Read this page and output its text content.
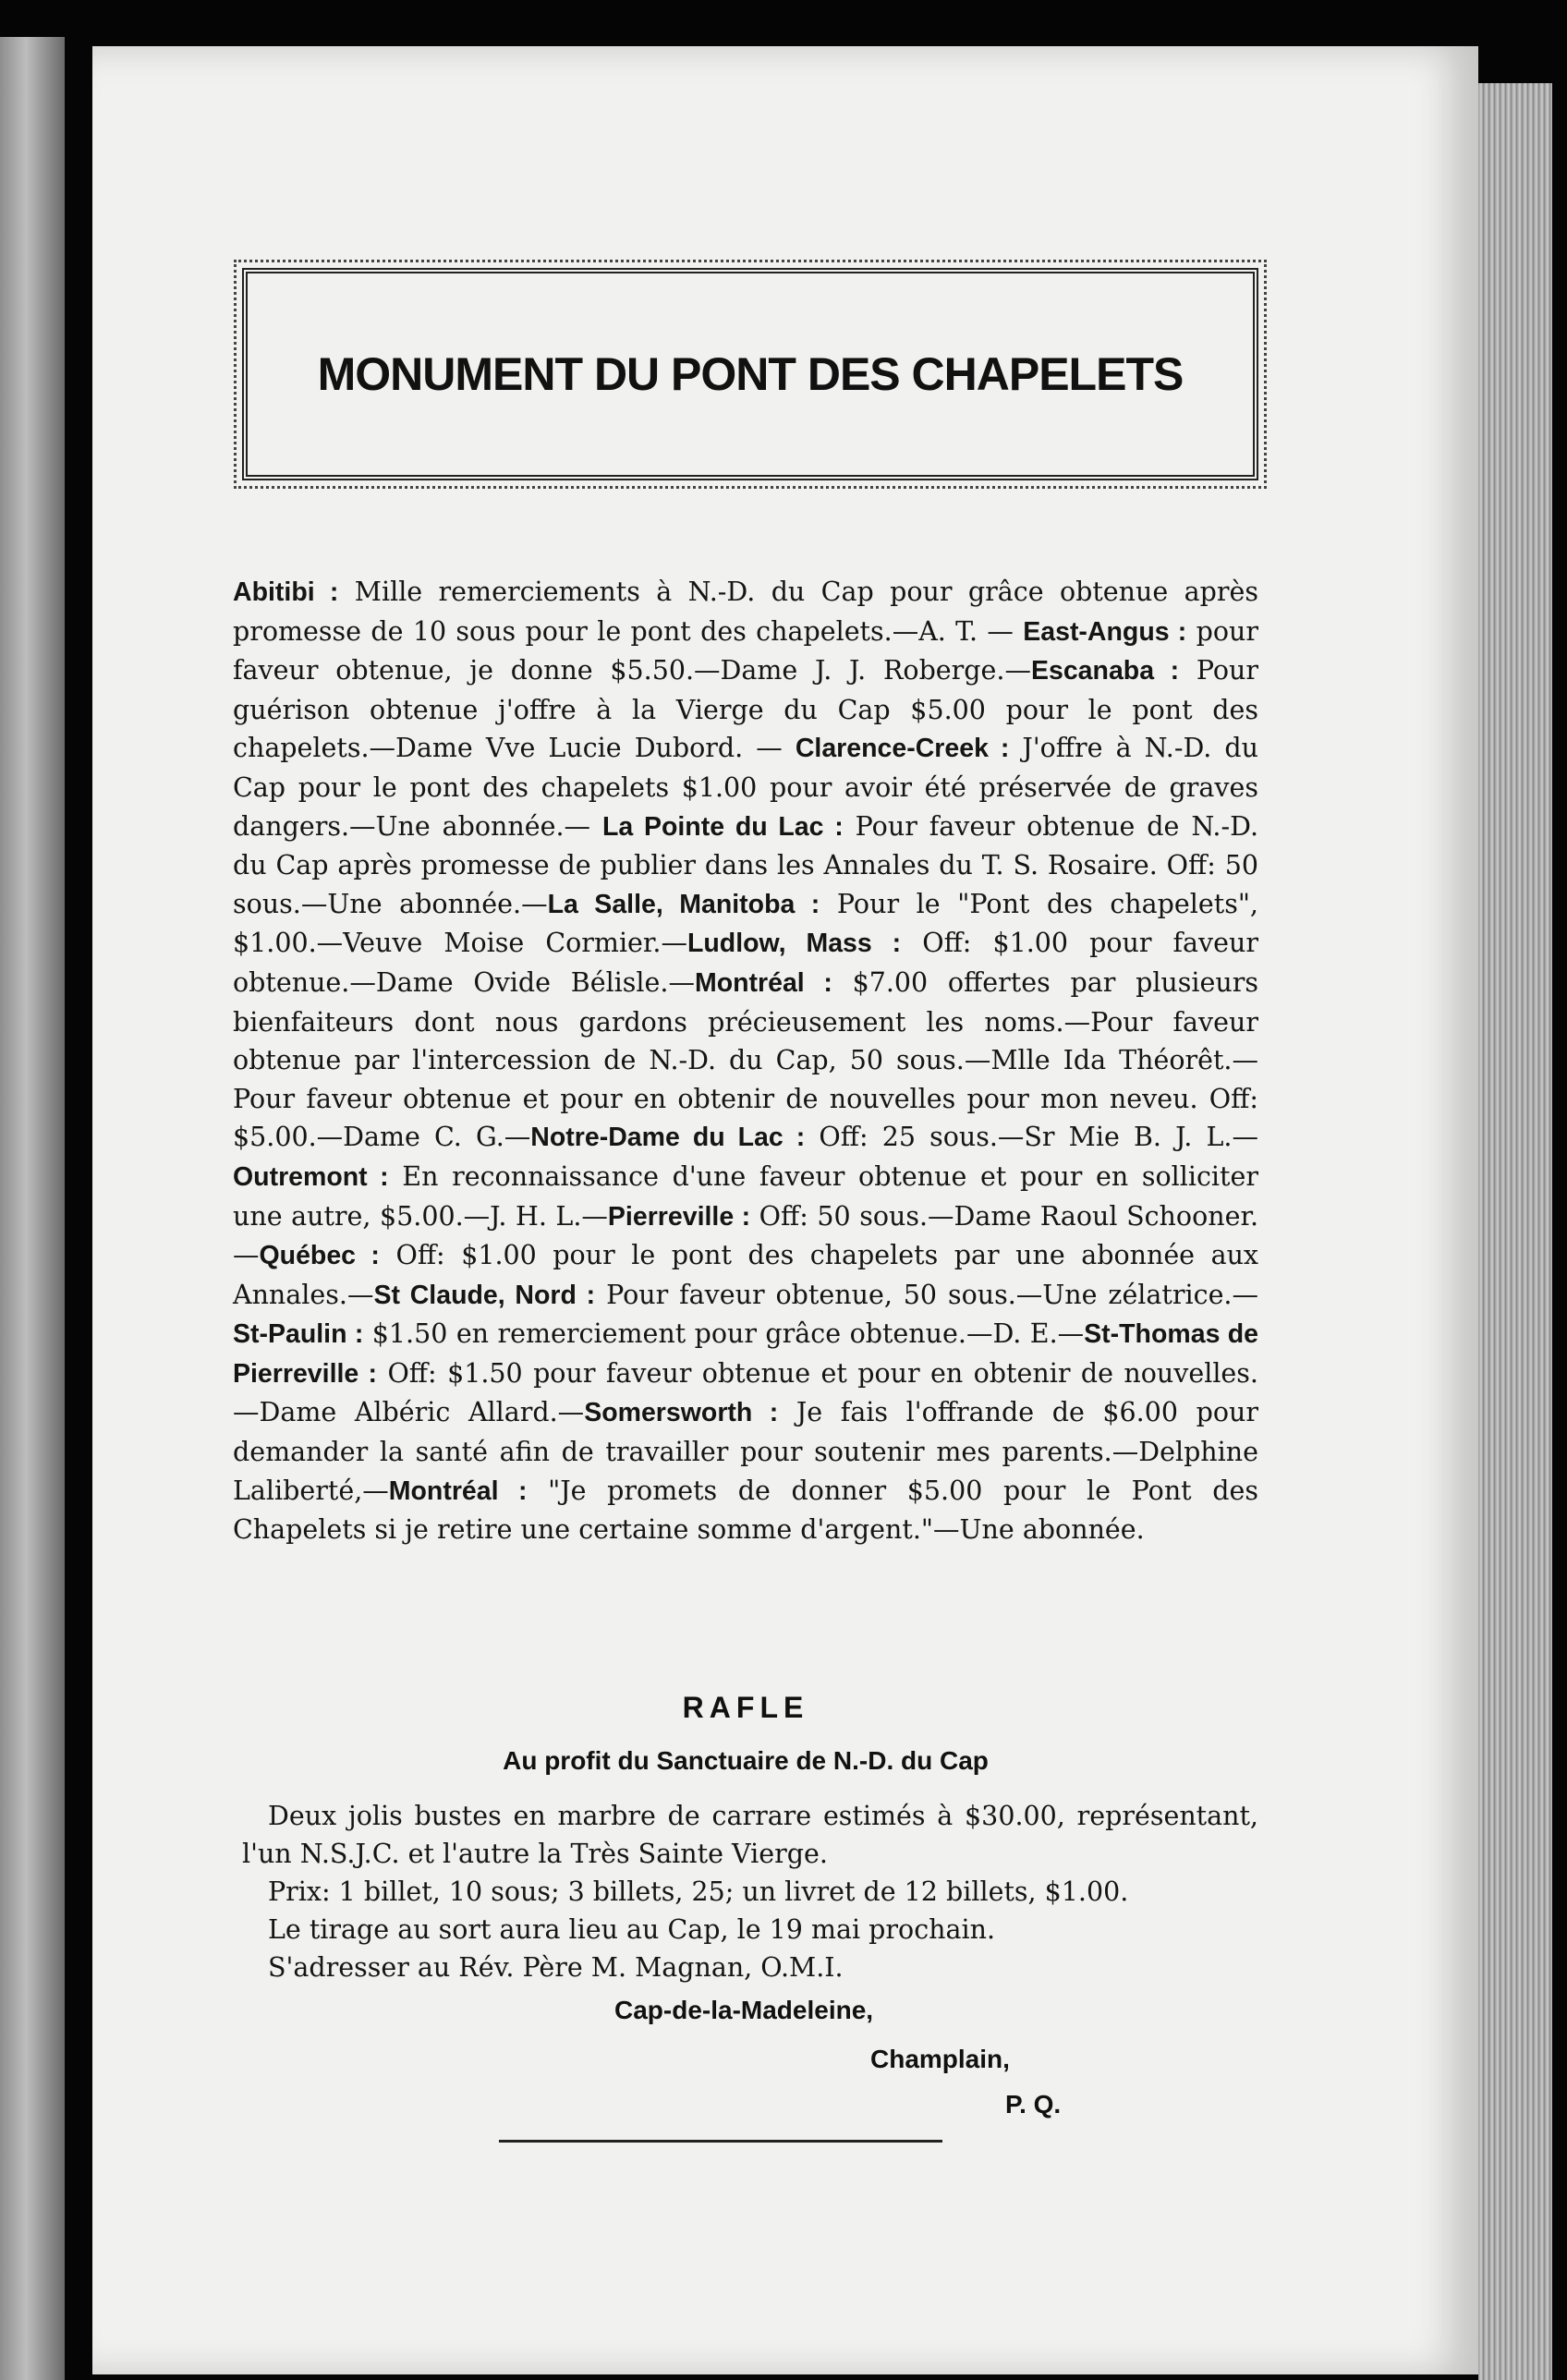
MONUMENT DU PONT DES CHAPELETS
Abitibi : Mille remerciements à N.-D. du Cap pour grâce obtenue après promesse de 10 sous pour le pont des chapelets.—A. T. — East-Angus : pour faveur obtenue, je donne $5.50.—Dame J. J. Roberge.—Escanaba : Pour guérison obtenue j'offre à la Vierge du Cap $5.00 pour le pont des chapelets.—Dame Vve Lucie Dubord. — Clarence-Creek : J'offre à N.-D. du Cap pour le pont des chapelets $1.00 pour avoir été préservée de graves dangers.—Une abonnée.— La Pointe du Lac : Pour faveur obtenue de N.-D. du Cap après promesse de publier dans les Annales du T. S. Rosaire. Off: 50 sous.—Une abonnée.—La Salle, Manitoba : Pour le "Pont des chapelets", $1.00.—Veuve Moise Cormier.—Ludlow, Mass : Off: $1.00 pour faveur obtenue.—Dame Ovide Bélisle.—Montréal : $7.00 offertes par plusieurs bienfaiteurs dont nous gardons précieusement les noms.—Pour faveur obtenue par l'intercession de N.-D. du Cap, 50 sous.—Mlle Ida Théorêt.—Pour faveur obtenue et pour en obtenir de nouvelles pour mon neveu. Off: $5.00.—Dame C. G.—Notre-Dame du Lac : Off: 25 sous.—Sr Mie B. J. L.—Outremont : En reconnaissance d'une faveur obtenue et pour en solliciter une autre, $5.00.—J. H. L.—Pierreville : Off: 50 sous.—Dame Raoul Schooner.—Québec : Off: $1.00 pour le pont des chapelets par une abonnée aux Annales.—St Claude, Nord : Pour faveur obtenue, 50 sous.—Une zélatrice.—St-Paulin : $1.50 en remerciement pour grâce obtenue.—D. E.—St-Thomas de Pierreville : Off: $1.50 pour faveur obtenue et pour en obtenir de nouvelles.—Dame Albéric Allard.—Somersworth : Je fais l'offrande de $6.00 pour demander la santé afin de travailler pour soutenir mes parents.—Delphine Laliberté,—Montréal : "Je promets de donner $5.00 pour le Pont des Chapelets si je retire une certaine somme d'argent."—Une abonnée.
RAFLE
Au profit du Sanctuaire de N.-D. du Cap

Deux jolis bustes en marbre de carrare estimés à $30.00, représentant, l'un N.S.J.C. et l'autre la Très Sainte Vierge.

Prix: 1 billet, 10 sous; 3 billets, 25; un livret de 12 billets, $1.00.

Le tirage au sort aura lieu au Cap, le 19 mai prochain.

S'adresser au Rév. Père M. Magnan, O.M.I.

Cap-de-la-Madeleine,
Champlain,
P. Q.
